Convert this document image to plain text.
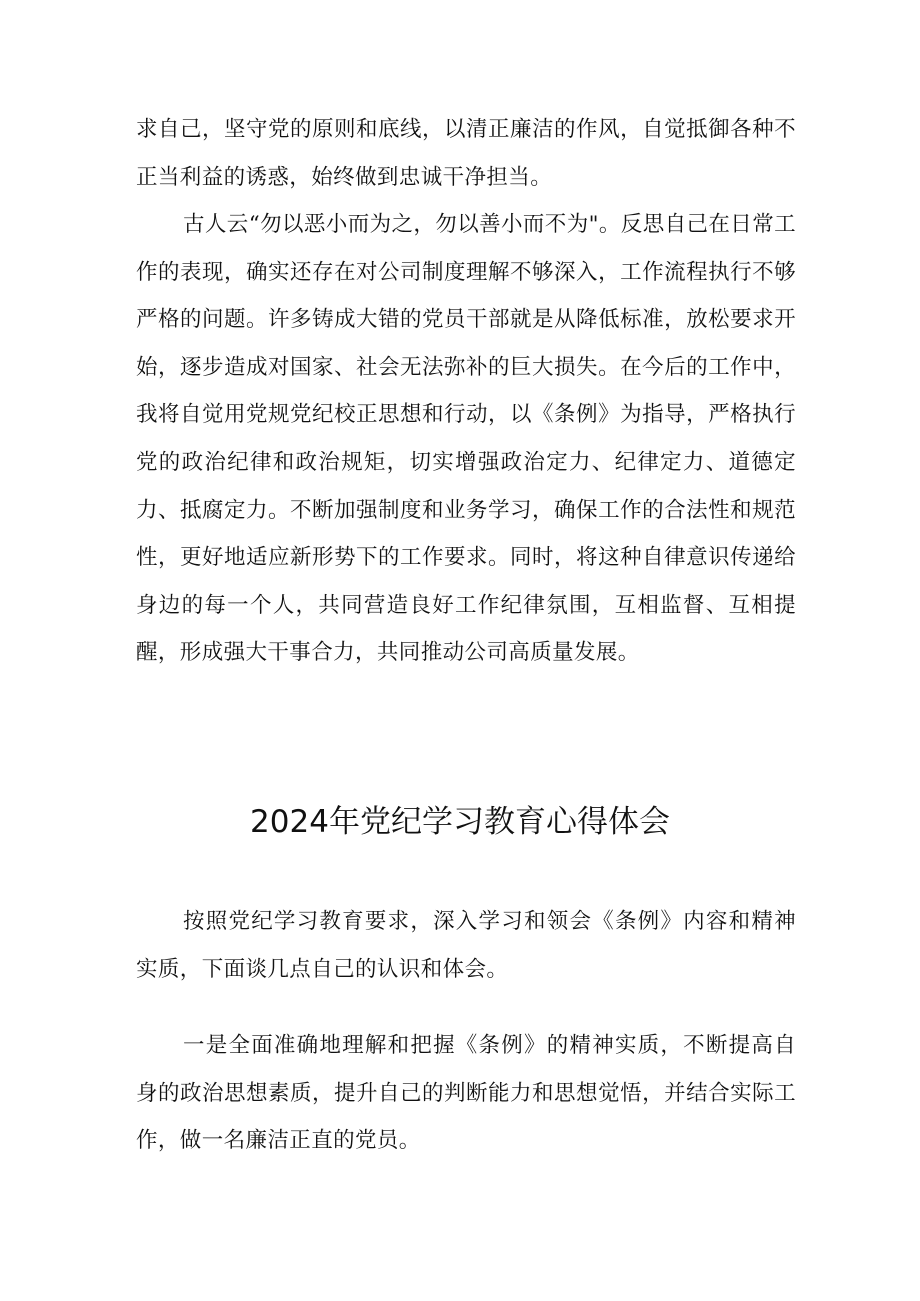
求自己，坚守党的原则和底线，以清正廉洁的作风，自觉抵御各种不正当利益的诱惑，始终做到忠诚干净担当。

古人云“勿以恶小而为之，勿以善小而不为"。反思自己在日常工作的表现，确实还存在对公司制度理解不够深入，工作流程执行不够严格的问题。许多铸成大错的党员干部就是从降低标准，放松要求开始，逐步造成对国家、社会无法弥补的巨大损失。在今后的工作中，我将自觉用党规党纪校正思想和行动，以《条例》为指导，严格执行党的政治纪律和政治规矩，切实增强政治定力、纪律定力、道德定力、抵腐定力。不断加强制度和业务学习，确保工作的合法性和规范性，更好地适应新形势下的工作要求。同时，将这种自律意识传递给身边的每一个人，共同营造良好工作纪律氛围，互相监督、互相提醒，形成强大干事合力，共同推动公司高质量发展。

2024年党纪学习教育心得体会

按照党纪学习教育要求，深入学习和领会《条例》内容和精神实质，下面谈几点自己的认识和体会。

一是全面准确地理解和把握《条例》的精神实质，不断提高自身的政治思想素质，提升自己的判断能力和思想觉悟，并结合实际工作，做一名廉洁正直的党员。
